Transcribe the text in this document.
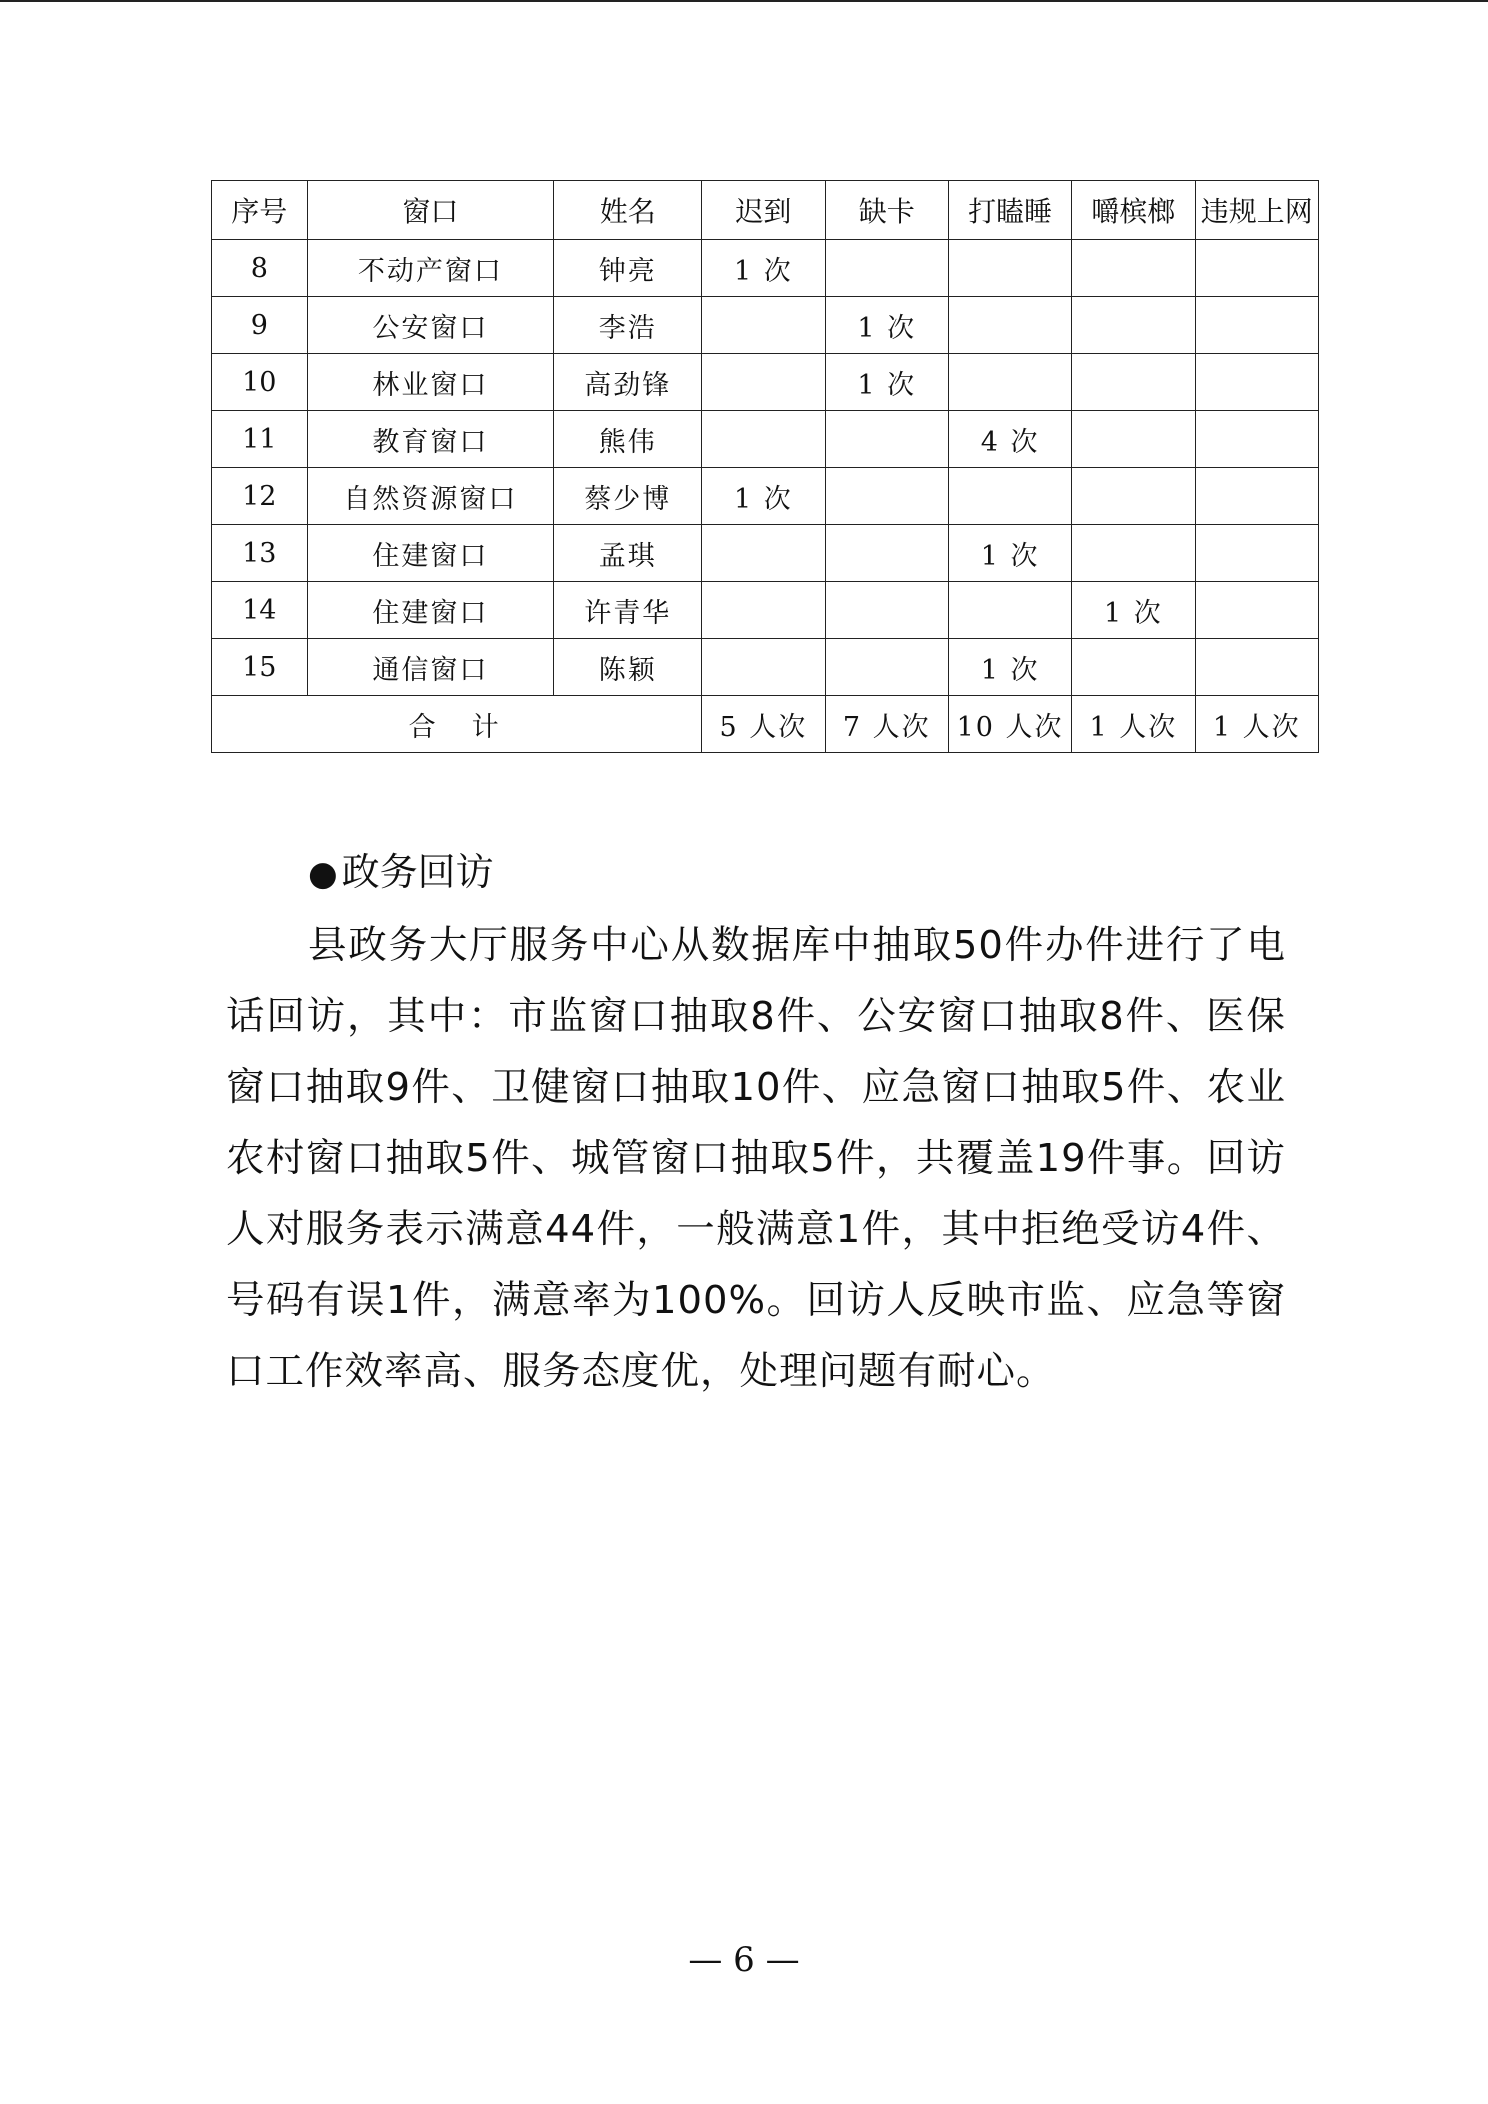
序号	窗口	姓名	迟到	缺卡	打瞌睡	嚼槟榔	违规上网
8	不动产窗口	钟亮	1 次				
9	公安窗口	李浩		1 次			
10	林业窗口	高劲锋		1 次			
11	教育窗口	熊伟			4 次		
12	自然资源窗口	蔡少博	1 次				
13	住建窗口	孟琪			1 次		
14	住建窗口	许青华				1 次	
15	通信窗口	陈颖			1 次		
合计			5 人次	7 人次	10 人次	1 人次	1 人次
● 政务回访

县政务大厅服务中心从数据库中抽取50件办件进行了电话回访，其中：市监窗口抽取8件、公安窗口抽取8件、医保窗口抽取9件、卫健窗口抽取10件、应急窗口抽取5件、农业农村窗口抽取5件、城管窗口抽取5件，共覆盖19件事。回访人对服务表示满意44件，一般满意1件，其中拒绝受访4件、号码有误1件，满意率为100%。回访人反映市监、应急等窗口工作效率高、服务态度优，处理问题有耐心。

— 6 —
